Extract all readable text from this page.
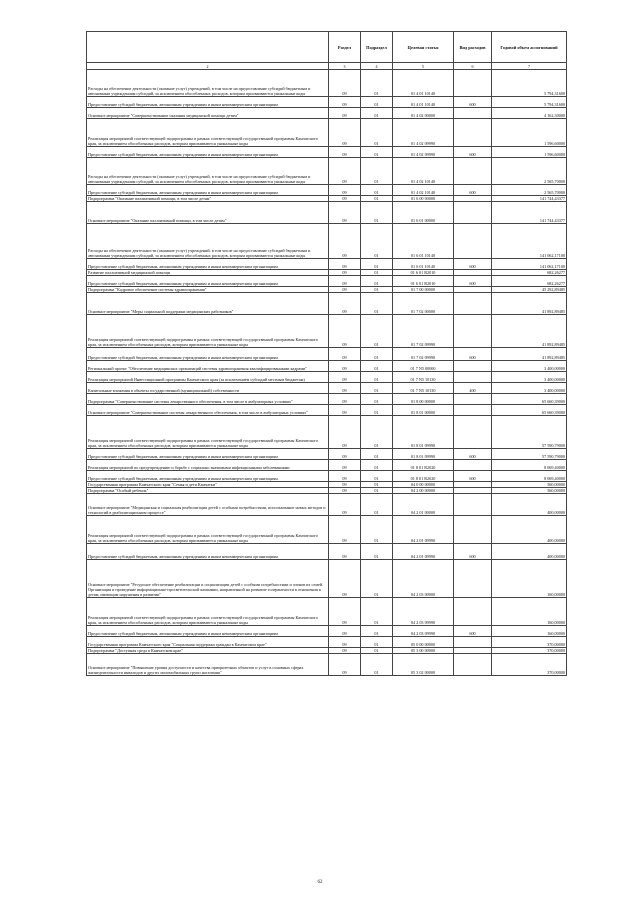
		Раздел	Подраздел	Целевая статья	Вид расходов	Годовой объем ассигнований
	2	3	4	5	6	7
	Расходы на обеспечение деятельности (оказание услуг) учреждений, в том числе на предоставление субсидий бюджетным и автономным учреждениям субсидий, за исключением обособленных расходов, которым присваиваются уникальные коды	09	01	01 4 01 10140		5 794,31600
	Предоставление субсидий бюджетным, автономным учреждениям и иным некоммерческим организациям	09	01	01 4 01 10140	600	5 794,31600
	Основное мероприятие "Совершенствование оказания медицинской помощи детям"	09	01	01 4 02 00000		4 162,30000
	Реализация мероприятий соответствующей подпрограммы в рамках соответствующей государственной программы Камчатского края, за исключением обособленных расходов, которым присваиваются уникальные коды	09	01	01 4 02 09990		1 596,60000
	Предоставление субсидий бюджетным, автономным учреждениям и иным некоммерческим организациям	09	01	01 4 02 09990	600	1 596,60000
	Расходы на обеспечение деятельности (оказание услуг) учреждений, в том числе на предоставление субсидий бюджетным и автономным учреждениям субсидий, за исключением обособленных расходов, которым присваиваются уникальные коды	09	01	01 4 02 10140		2 565,70000
	Предоставление субсидий бюджетным, автономным учреждениям и иным некоммерческим организациям	09	01	01 4 02 10140	600	2 565,70000
	Подпрограмма "Оказание паллиативной помощи, в том числе детям"	09	01	01 6 00 00000		141 744,43377
	Основное мероприятие "Оказание паллиативной помощи, в том числе детям"	09	01	01 6 01 00000		141 744,43377
	Расходы на обеспечение деятельности (оказание услуг) учреждений, в том числе на предоставление субсидий бюджетным и автономным учреждениям субсидий, за исключением обособленных расходов, которым присваиваются уникальные коды	09	01	01 6 01 10140		141 062,17100
	Предоставление субсидий бюджетным, автономным учреждениям и иным некоммерческим организациям	09	01	01 6 01 10140	600	141 062,17100
	Развитие паллиативной медицинской помощи	09	01	01 6 01 R2010		682,26277
	Предоставление субсидий бюджетным, автономным учреждениям и иным некоммерческим организациям	09	01	01 6 01 R2010	600	682,26277
	Подпрограмма "Кадровое обеспечение системы здравоохранения"	09	01	01 7 00 00000		45 292,89485
	Основное мероприятие "Меры социальной поддержки медицинских работников"	09	01	01 7 02 00000		41 892,89485
	Реализация мероприятий соответствующей подпрограммы в рамках соответствующей государственной программы Камчатского края, за исключением обособленных расходов, которым присваиваются уникальные коды	09	01	01 7 02 09990		41 892,89485
	Предоставление субсидий бюджетным, автономным учреждениям и иным некоммерческим организациям	09	01	01 7 02 09990	600	41 892,89485
	Региональный проект "Обеспечение медицинских организаций системы здравоохранения квалифицированными кадрами"	09	01	01 7 N5 00000		3 400,00000
	Реализация мероприятий Инвестиционной программы Камчатского края (за исключением субсидий местным бюджетам)	09	01	01 7 N5 10130		3 400,00000
	Капитальные вложения в объекты государственной (муниципальной) собственности	09	01	01 7 N5 10130	400	3 400,00000
	Подпрограмма "Совершенствование системы лекарственного обеспечения, в том числе в амбулаторных условиях"	09	01	01 8 00 00000		65 660,39000
	Основное мероприятие "Совершенствование системы лекарственного обеспечения, в том числе в амбулаторных условиях"	09	01	01 8 01 00000		65 660,39000
	Реализация мероприятий соответствующей подпрограммы в рамках соответствующей государственной программы Камчатского края, за исключением обособленных расходов, которым присваиваются уникальные коды	09	01	01 8 01 09990		57 590,79000
	Предоставление субсидий бюджетным, автономным учреждениям и иным некоммерческим организациям	09	01	01 8 01 09990	600	57 590,79000
	Реализация мероприятий по предупреждению и борьбе с социально значимыми инфекционными заболеваниями	09	01	01 8 01 R2020		8 069,40000
	Предоставление субсидий бюджетным, автономным учреждениям и иным некоммерческим организациям	09	01	01 8 01 R2020	600	8 069,40000
	Государственная программа Камчатского края "Семья и дети Камчатки"	09	01	04 0 00 00000		560,00000
	Подпрограмма "Особый ребенок"	09	01	04 2 00 00000		560,00000
	Основное мероприятие "Медицинская и социальная реабилитация детей с особыми потребностями, использование новых методов и технологий в реабилитационном процессе"	09	01	04 2 01 00000		400,00000
	Реализация мероприятий соответствующей подпрограммы в рамках соответствующей государственной программы Камчатского края, за исключением обособленных расходов, которым присваиваются уникальные коды	09	01	04 2 01 09990		400,00000
	Предоставление субсидий бюджетным, автономным учреждениям и иным некоммерческим организациям	09	01	04 2 01 09990	600	400,00000
	Основное мероприятие "Ресурсное обеспечение реабилитации и социализации детей с особыми потребностями и членов их семей. Организация и проведение информационно-просветительской кампании, направленной на развитие толерантности в отношении к детям, имеющим нарушения в развитии"	09	01	04 2 03 00000		160,00000
	Реализация мероприятий соответствующей подпрограммы в рамках соответствующей государственной программы Камчатского края, за исключением обособленных расходов, которым присваиваются уникальные коды	09	01	04 2 03 09990		160,00000
	Предоставление субсидий бюджетным, автономным учреждениям и иным некоммерческим организациям	09	01	04 2 03 09990	600	160,00000
	Государственная программа Камчатского края "Социальная поддержка граждан в Камчатском крае"	09	01	05 0 00 00000		370,00000
	Подпрограмма "Доступная среда в Камчатском крае"	09	01	05 3 00 00000		370,00000
	Основное мероприятие "Повышение уровня доступности и качества приоритетных объектов и услуг в основных сферах жизнедеятельности инвалидов и других маломобильных групп населения"	09	01	05 3 02 00000		370,00000
62
